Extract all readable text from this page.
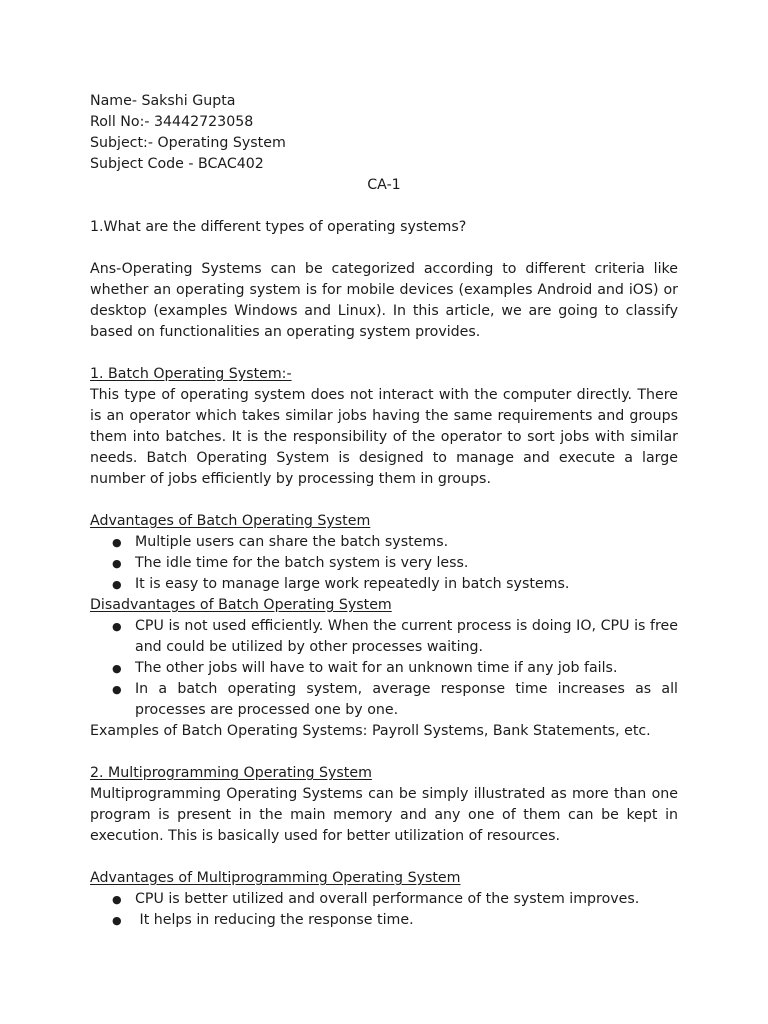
Name- Sakshi Gupta
Roll No:- 34442723058
Subject:- Operating System
Subject Code - BCAC402
CA-1
1.What are the different types of operating systems?
Ans-Operating Systems can be categorized according to different criteria like whether an operating system is for mobile devices (examples Android and iOS) or desktop (examples Windows and Linux). In this article, we are going to classify based on functionalities an operating system provides.
1. Batch Operating System:-
This type of operating system does not interact with the computer directly. There is an operator which takes similar jobs having the same requirements and groups them into batches. It is the responsibility of the operator to sort jobs with similar needs. Batch Operating System is designed to manage and execute a large number of jobs efficiently by processing them in groups.
Advantages of Batch Operating System
● Multiple users can share the batch systems.
● The idle time for the batch system is very less.
● It is easy to manage large work repeatedly in batch systems.
Disadvantages of Batch Operating System
● CPU is not used efficiently. When the current process is doing IO, CPU is free and could be utilized by other processes waiting.
● The other jobs will have to wait for an unknown time if any job fails.
● In a batch operating system, average response time increases as all processes are processed one by one.
Examples of Batch Operating Systems: Payroll Systems, Bank Statements, etc.
2. Multiprogramming Operating System
Multiprogramming Operating Systems can be simply illustrated as more than one program is present in the main memory and any one of them can be kept in execution. This is basically used for better utilization of resources.
Advantages of Multiprogramming Operating System
● CPU is better utilized and overall performance of the system improves.
● It helps in reducing the response time.
